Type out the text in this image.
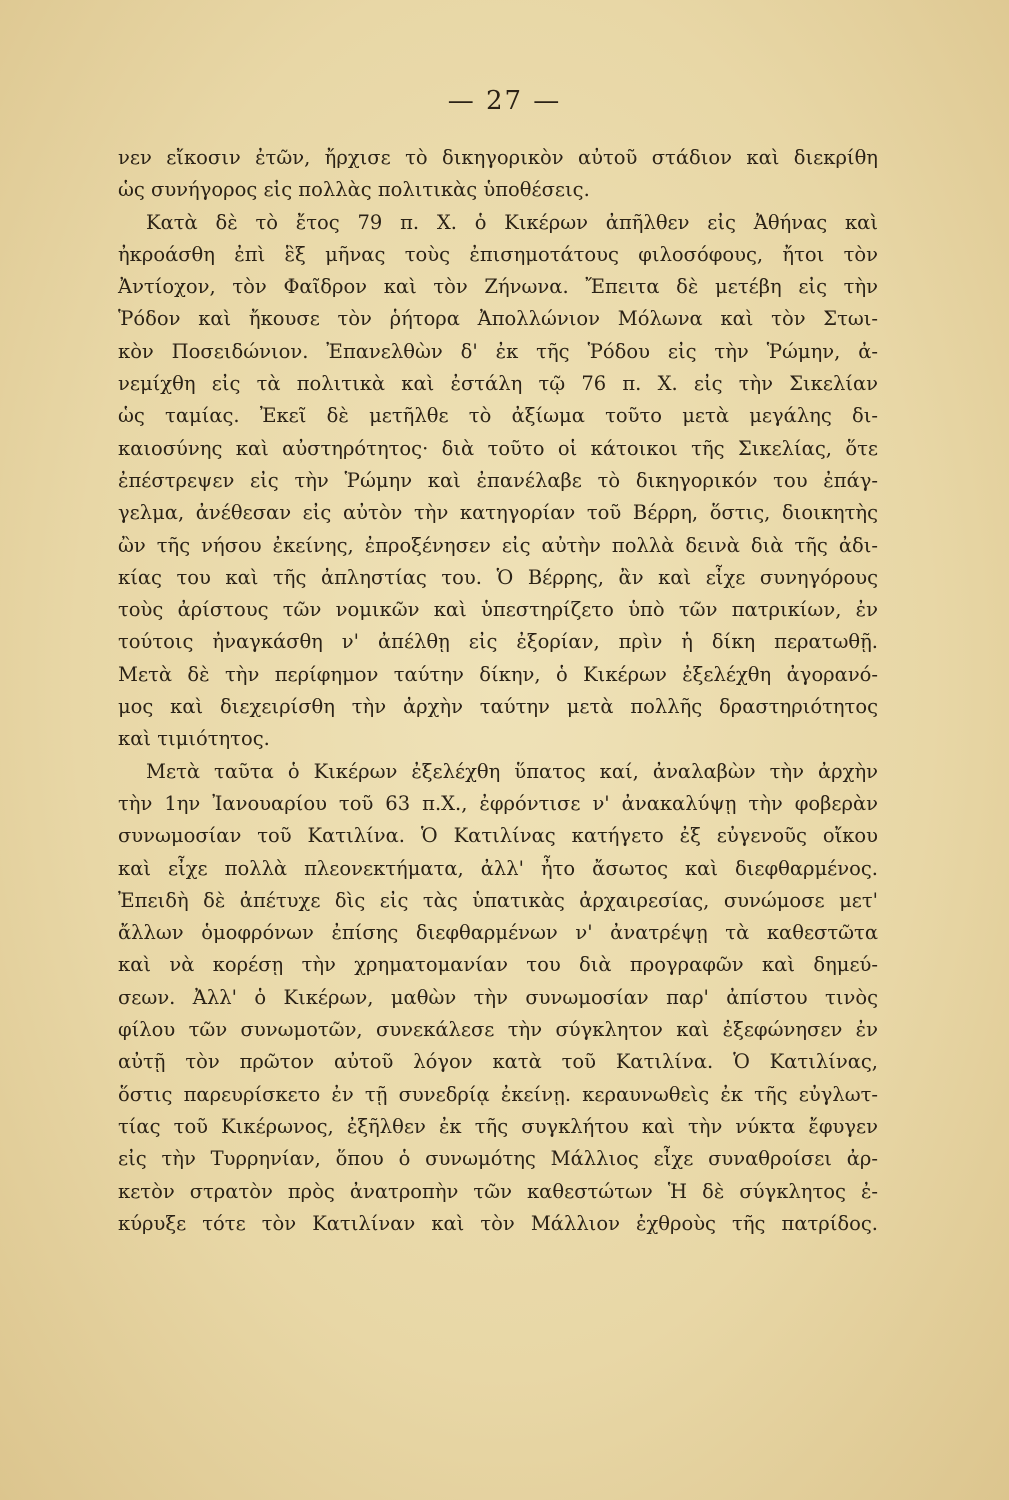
— 27 —
νεν εἴκοσιν ἐτῶν, ἤρχισε τὸ δικηγορικὸν αὐτοῦ στάδιον καὶ διεκρίθη
ὡς συνήγορος εἰς πολλὰς πολιτικὰς ὑποθέσεις.
Κατὰ δὲ τὸ ἔτος 79 π. Χ. ὁ Κικέρων ἀπῆλθεν εἰς Ἀθήνας καὶ
ἠκροάσθη ἐπὶ ἓξ μῆνας τοὺς ἐπισημοτάτους φιλοσόφους, ἤτοι τὸν
Ἀντίοχον, τὸν Φαῖδρον καὶ τὸν Ζήνωνα. Ἔπειτα δὲ μετέβη εἰς τὴν
Ῥόδον καὶ ἤκουσε τὸν ῥήτορα Ἀπολλώνιον Μόλωνα καὶ τὸν Στωι-
κὸν Ποσειδώνιον. Ἐπανελθὼν δ' ἐκ τῆς Ῥόδου εἰς τὴν Ῥώμην, ἀ-
νεμίχθη εἰς τὰ πολιτικὰ καὶ ἐστάλη τῷ 76 π. Χ. εἰς τὴν Σικελίαν
ὡς ταμίας. Ἐκεῖ δὲ μετῆλθε τὸ ἀξίωμα τοῦτο μετὰ μεγάλης δι-
καιοσύνης καὶ αὐστηρότητος· διὰ τοῦτο οἱ κάτοικοι τῆς Σικελίας, ὅτε
ἐπέστρεψεν εἰς τὴν Ῥώμην καὶ ἐπανέλαβε τὸ δικηγορικόν του ἐπάγ-
γελμα, ἀνέθεσαν εἰς αὐτὸν τὴν κατηγορίαν τοῦ Βέρρη, ὅστις, διοικητὴς
ὢν τῆς νήσου ἐκείνης, ἐπροξένησεν εἰς αὐτὴν πολλὰ δεινὰ διὰ τῆς ἀδι-
κίας του καὶ τῆς ἀπληστίας του. Ὁ Βέρρης, ἂν καὶ εἶχε συνηγόρους
τοὺς ἀρίστους τῶν νομικῶν καὶ ὑπεστηρίζετο ὑπὸ τῶν πατρικίων, ἐν
τούτοις ἠναγκάσθη ν' ἀπέλθῃ εἰς ἐξορίαν, πρὶν ἡ δίκη περατωθῇ.
Μετὰ δὲ τὴν περίφημον ταύτην δίκην, ὁ Κικέρων ἐξελέχθη ἀγορανό-
μος καὶ διεχειρίσθη τὴν ἀρχὴν ταύτην μετὰ πολλῆς δραστηριότητος
καὶ τιμιότητος.
Μετὰ ταῦτα ὁ Κικέρων ἐξελέχθη ὕπατος καί, ἀναλαβὼν τὴν ἀρχὴν
τὴν 1ην Ἰανουαρίου τοῦ 63 π.Χ., ἐφρόντισε ν' ἀνακαλύψῃ τὴν φοβερὰν
συνωμοσίαν τοῦ Κατιλίνα. Ὁ Κατιλίνας κατήγετο ἐξ εὐγενοῦς οἴκου
καὶ εἶχε πολλὰ πλεονεκτήματα, ἀλλ' ἦτο ἄσωτος καὶ διεφθαρμένος.
Ἐπειδὴ δὲ ἀπέτυχε δὶς εἰς τὰς ὑπατικὰς ἀρχαιρεσίας, συνώμοσε μετ'
ἄλλων ὁμοφρόνων ἐπίσης διεφθαρμένων ν' ἀνατρέψῃ τὰ καθεστῶτα
καὶ νὰ κορέσῃ τὴν χρηματομανίαν του διὰ προγραφῶν καὶ δημεύ-
σεων. Ἀλλ' ὁ Κικέρων, μαθὼν τὴν συνωμοσίαν παρ' ἀπίστου τινὸς
φίλου τῶν συνωμοτῶν, συνεκάλεσε τὴν σύγκλητον καὶ ἐξεφώνησεν ἐν
αὐτῇ τὸν πρῶτον αὐτοῦ λόγον κατὰ τοῦ Κατιλίνα. Ὁ Κατιλίνας,
ὅστις παρευρίσκετο ἐν τῇ συνεδρίᾳ ἐκείνῃ. κεραυνωθεὶς ἐκ τῆς εὐγλωτ-
τίας τοῦ Κικέρωνος, ἐξῆλθεν ἐκ τῆς συγκλήτου καὶ τὴν νύκτα ἔφυγεν
εἰς τὴν Τυρρηνίαν, ὅπου ὁ συνωμότης Μάλλιος εἶχε συναθροίσει ἀρ-
κετὸν στρατὸν πρὸς ἀνατροπὴν τῶν καθεστώτων Ἡ δὲ σύγκλητος ἐ-
κύρυξε τότε τὸν Κατιλίναν καὶ τὸν Μάλλιον ἐχθροὺς τῆς πατρίδος.
